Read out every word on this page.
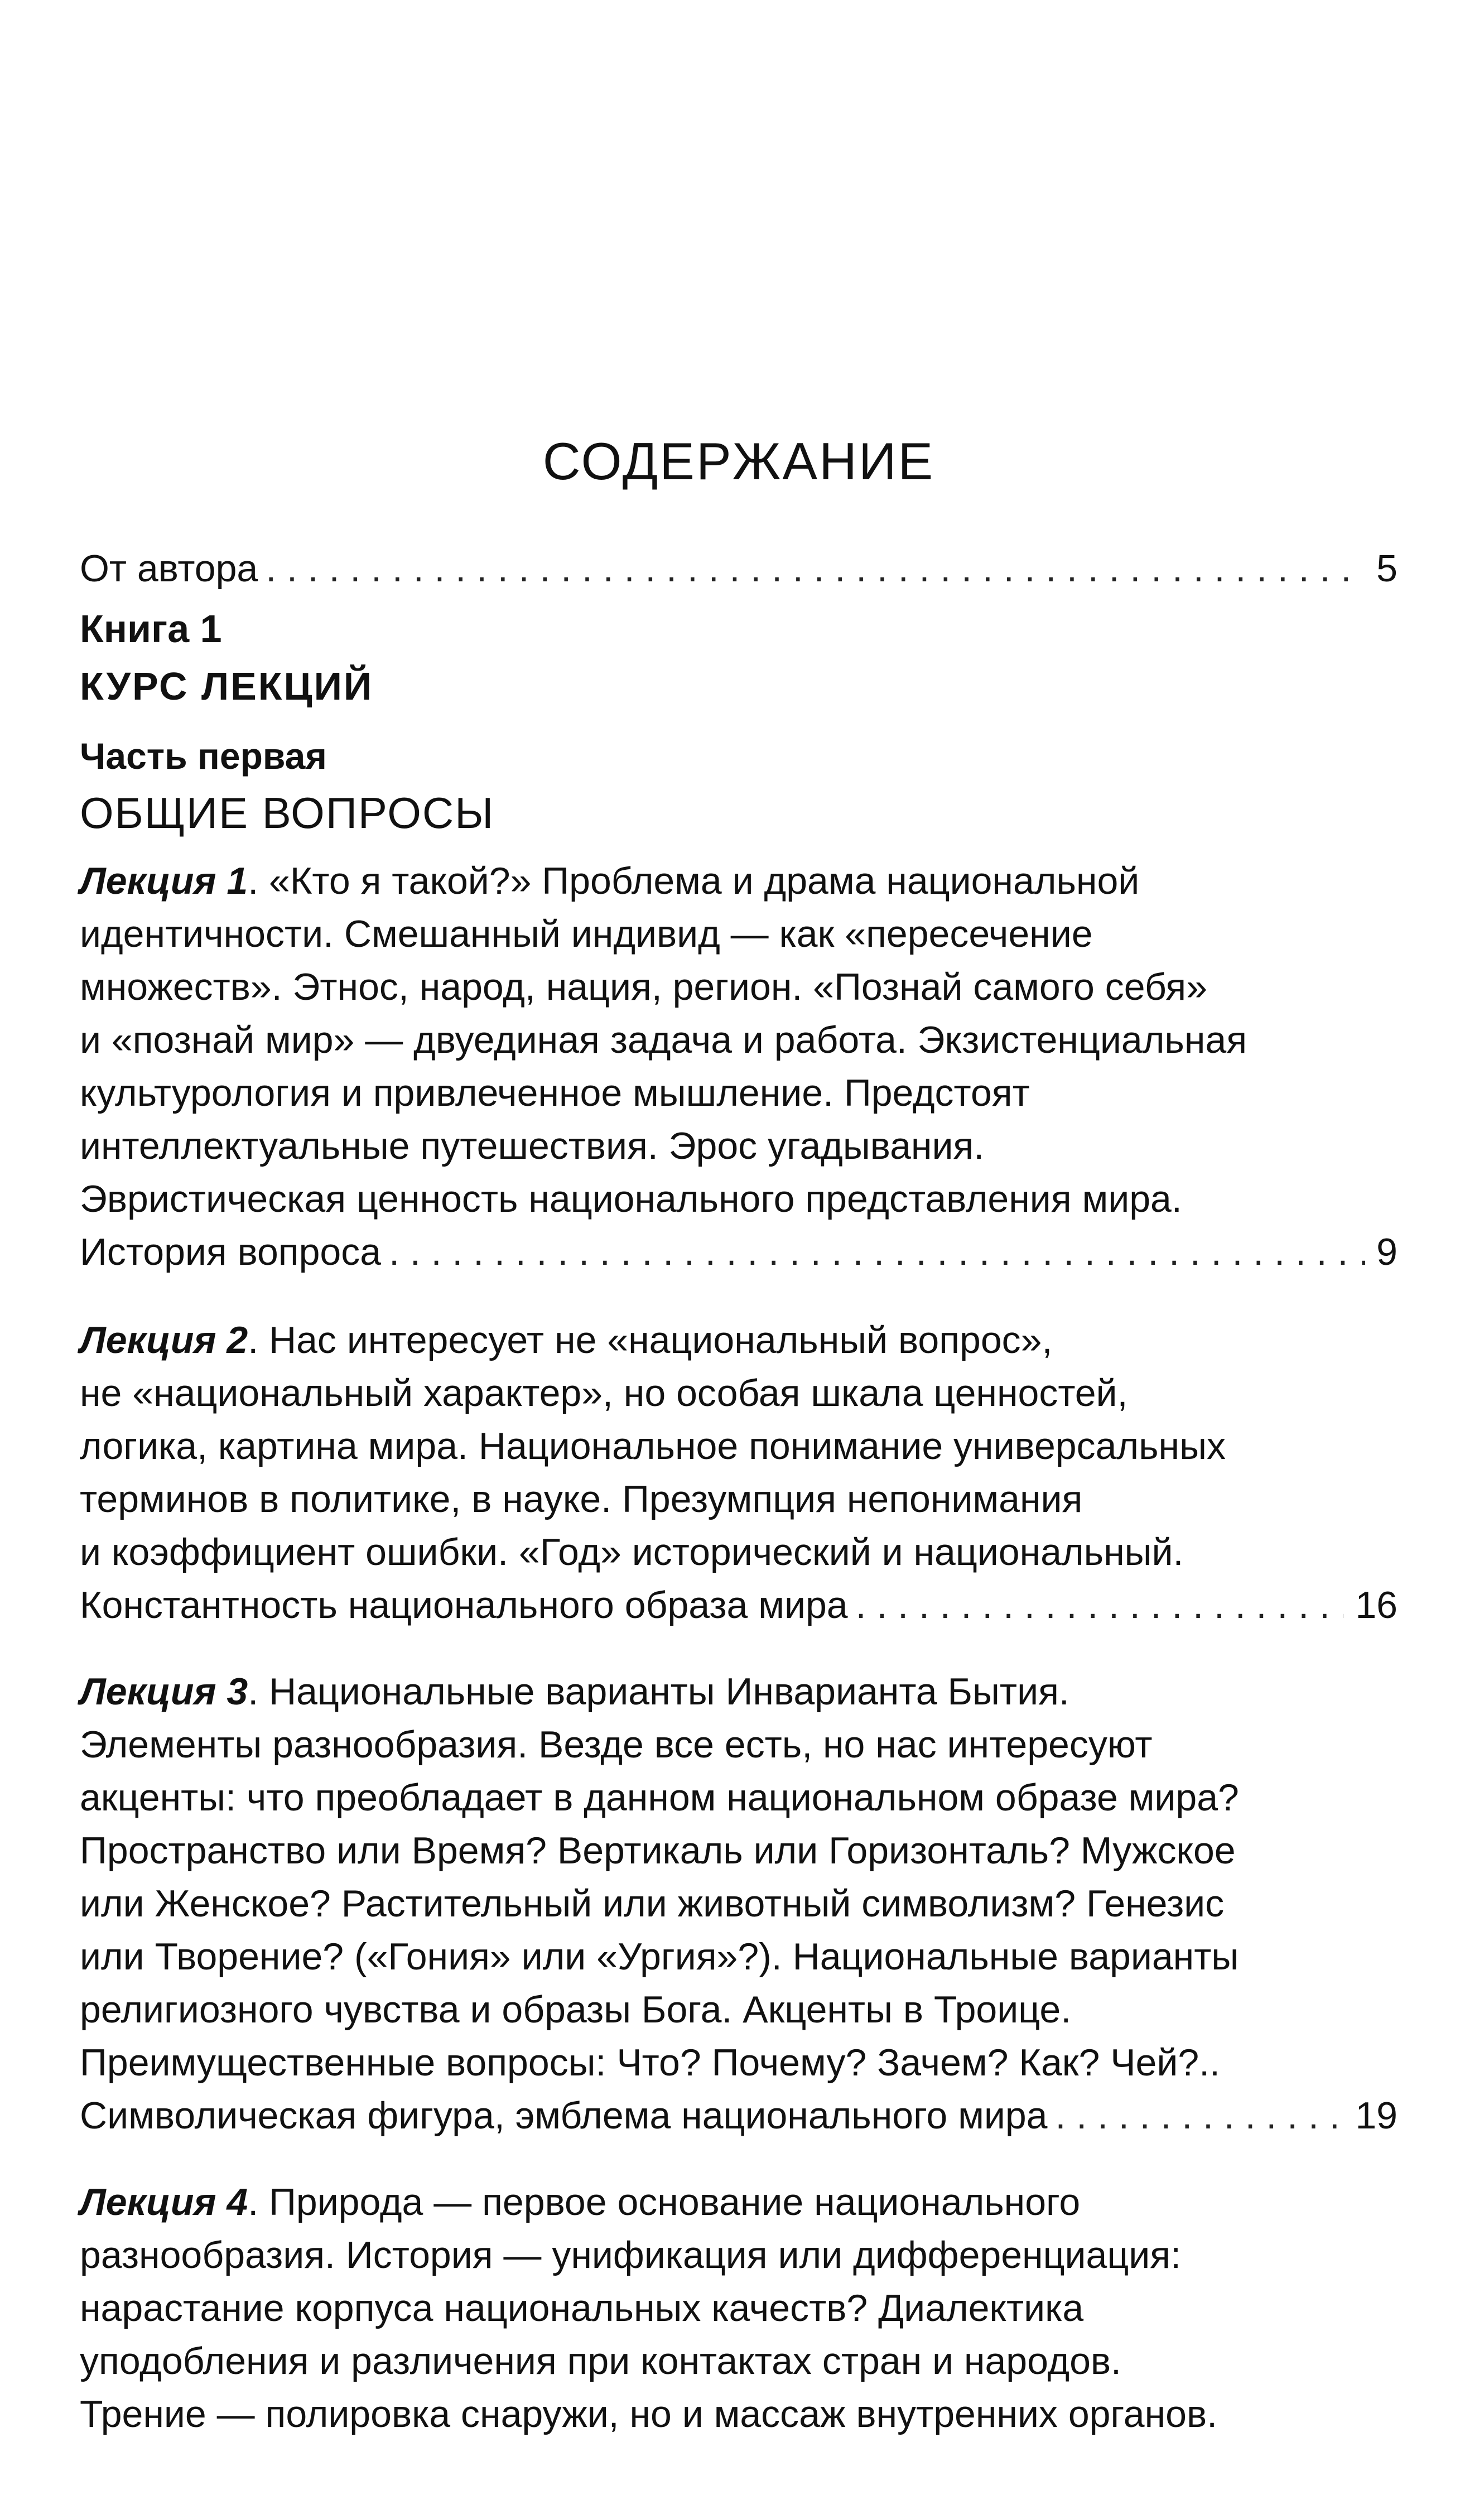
СОДЕРЖАНИЕ
От автора . . .	5
Книга 1
КУРС ЛЕКЦИЙ
Часть первая
ОБЩИЕ ВОПРОСЫ
Лекция 1. «Кто я такой?» Проблема и драма национальной
идентичности. Смешанный индивид — как «пересечение
множеств». Этнос, народ, нация, регион. «Познай самого себя»
и «познай мир» — двуединая задача и работа. Экзистенциальная
культурология и привлеченное мышление. Предстоят
интеллектуальные путешествия. Эрос угадывания.
Эвристическая ценность национального представления мира.
История вопроса . . .	9
Лекция 2. Нас интересует не «национальный вопрос»,
не «национальный характер», но особая шкала ценностей,
логика, картина мира. Национальное понимание универсальных
терминов в политике, в науке. Презумпция непонимания
и коэффициент ошибки. «Год» исторический и национальный.
Константность национального образа мира . . .	16
Лекция 3. Национальные варианты Инварианта Бытия.
Элементы разнообразия. Везде все есть, но нас интересуют
акценты: что преобладает в данном национальном образе мира?
Пространство или Время? Вертикаль или Горизонталь? Мужское
или Женское? Растительный или животный символизм? Генезис
или Творение? («Гония» или «Ургия»?). Национальные варианты
религиозного чувства и образы Бога. Акценты в Троице.
Преимущественные вопросы: Что? Почему? Зачем? Как? Чей?..
Символическая фигура, эмблема национального мира . . .	19
Лекция 4. Природа — первое основание национального
разнообразия. История — унификация или дифференциация:
нарастание корпуса национальных качеств? Диалектика
уподобления и различения при контактах стран и народов.
Трение — полировка снаружи, но и массаж внутренних органов.
